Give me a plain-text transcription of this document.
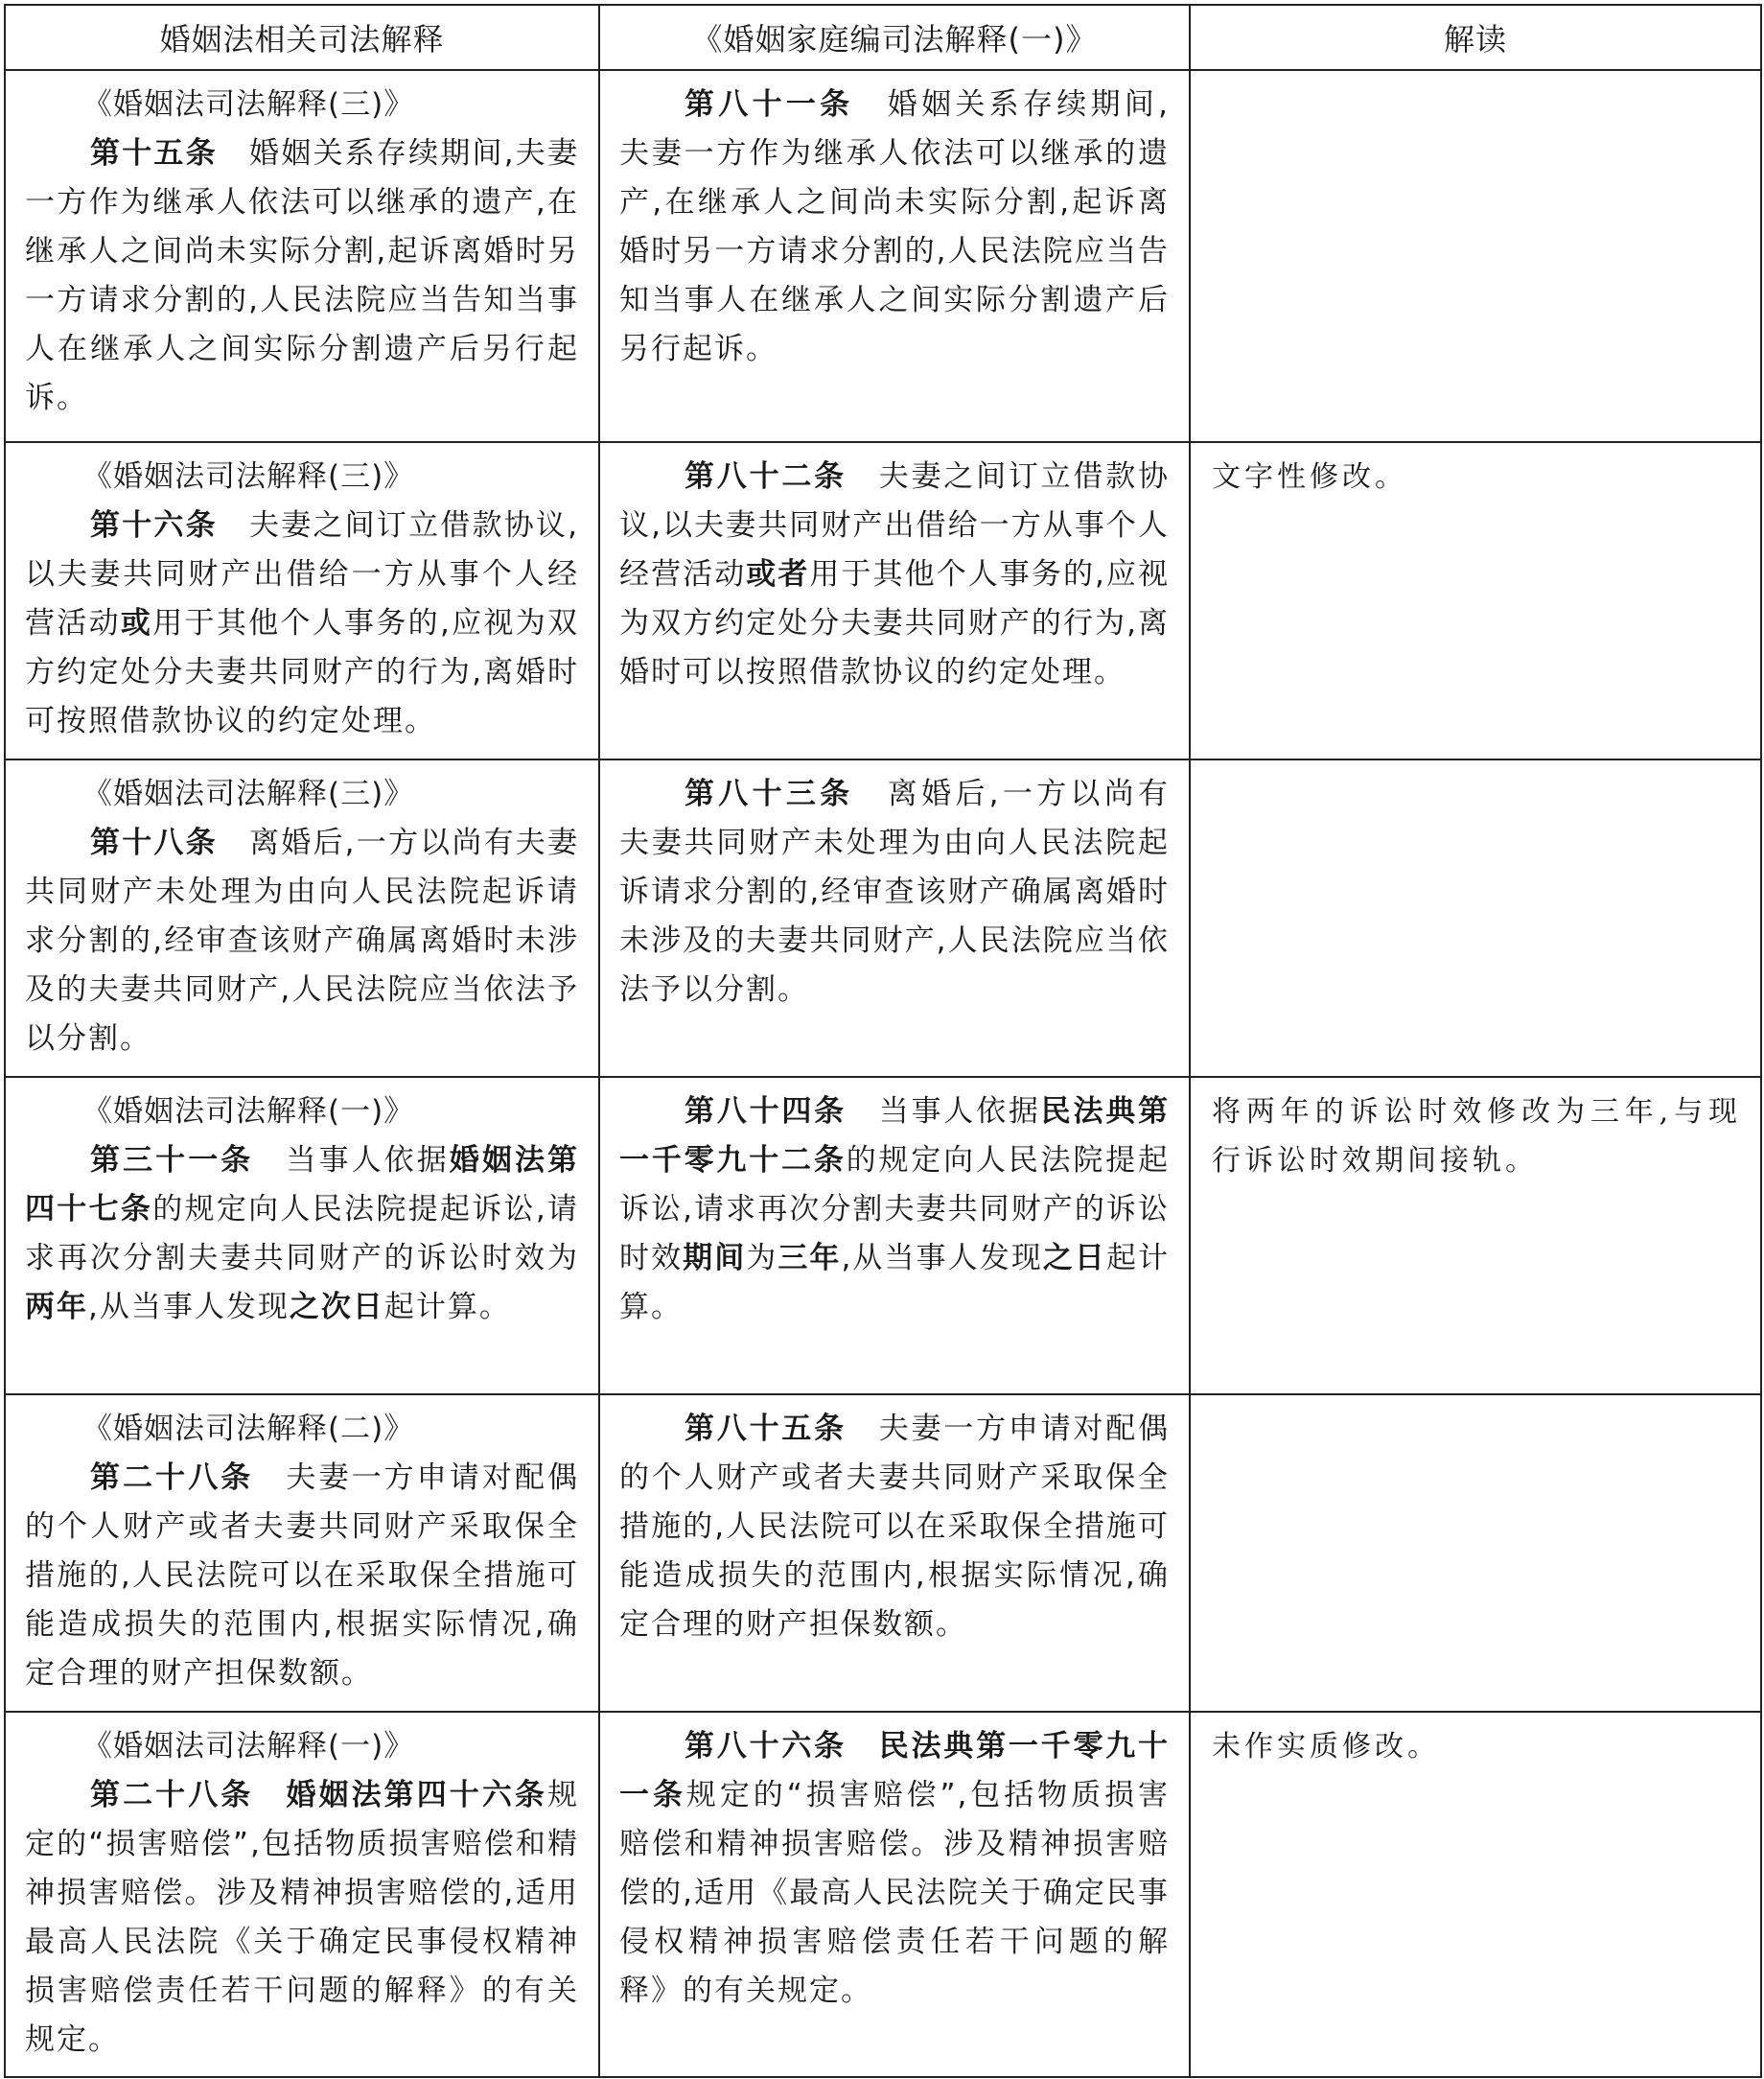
婚姻法相关司法解释	《婚姻家庭编司法解释(一)》	解读

《婚姻法司法解释(三)》
第十五条　婚姻关系存续期间,夫妻一方作为继承人依法可以继承的遗产,在继承人之间尚未实际分割,起诉离婚时另一方请求分割的,人民法院应当告知当事人在继承人之间实际分割遗产后另行起诉。	第八十一条　婚姻关系存续期间,夫妻一方作为继承人依法可以继承的遗产,在继承人之间尚未实际分割,起诉离婚时另一方请求分割的,人民法院应当告知当事人在继承人之间实际分割遗产后另行起诉。	

《婚姻法司法解释(三)》
第十六条　夫妻之间订立借款协议,以夫妻共同财产出借给一方从事个人经营活动或用于其他个人事务的,应视为双方约定处分夫妻共同财产的行为,离婚时可按照借款协议的约定处理。	第八十二条　夫妻之间订立借款协议,以夫妻共同财产出借给一方从事个人经营活动或者用于其他个人事务的,应视为双方约定处分夫妻共同财产的行为,离婚时可以按照借款协议的约定处理。	文字性修改。

《婚姻法司法解释(三)》
第十八条　离婚后,一方以尚有夫妻共同财产未处理为由向人民法院起诉请求分割的,经审查该财产确属离婚时未涉及的夫妻共同财产,人民法院应当依法予以分割。	第八十三条　离婚后,一方以尚有夫妻共同财产未处理为由向人民法院起诉请求分割的,经审查该财产确属离婚时未涉及的夫妻共同财产,人民法院应当依法予以分割。	

《婚姻法司法解释(一)》
第三十一条　当事人依据婚姻法第四十七条的规定向人民法院提起诉讼,请求再次分割夫妻共同财产的诉讼时效为两年,从当事人发现之次日起计算。	第八十四条　当事人依据民法典第一千零九十二条的规定向人民法院提起诉讼,请求再次分割夫妻共同财产的诉讼时效期间为三年,从当事人发现之日起计算。	将两年的诉讼时效修改为三年,与现行诉讼时效期间接轨。

《婚姻法司法解释(二)》
第二十八条　夫妻一方申请对配偶的个人财产或者夫妻共同财产采取保全措施的,人民法院可以在采取保全措施可能造成损失的范围内,根据实际情况,确定合理的财产担保数额。	第八十五条　夫妻一方申请对配偶的个人财产或者夫妻共同财产采取保全措施的,人民法院可以在采取保全措施可能造成损失的范围内,根据实际情况,确定合理的财产担保数额。	

《婚姻法司法解释(一)》
第二十八条　 婚姻法第四十六条规定的“损害赔偿”,包括物质损害赔偿和精神损害赔偿。涉及精神损害赔偿的,适用最高人民法院《关于确定民事侵权精神损害赔偿责任若干问题的解释》的有关规定。	第八十六条　 民法典第一千零九十一条规定的“损害赔偿”,包括物质损害赔偿和精神损害赔偿。涉及精神损害赔偿的,适用《最高人民法院关于确定民事侵权精神损害赔偿责任若干问题的解释》的有关规定。	未作实质修改。
